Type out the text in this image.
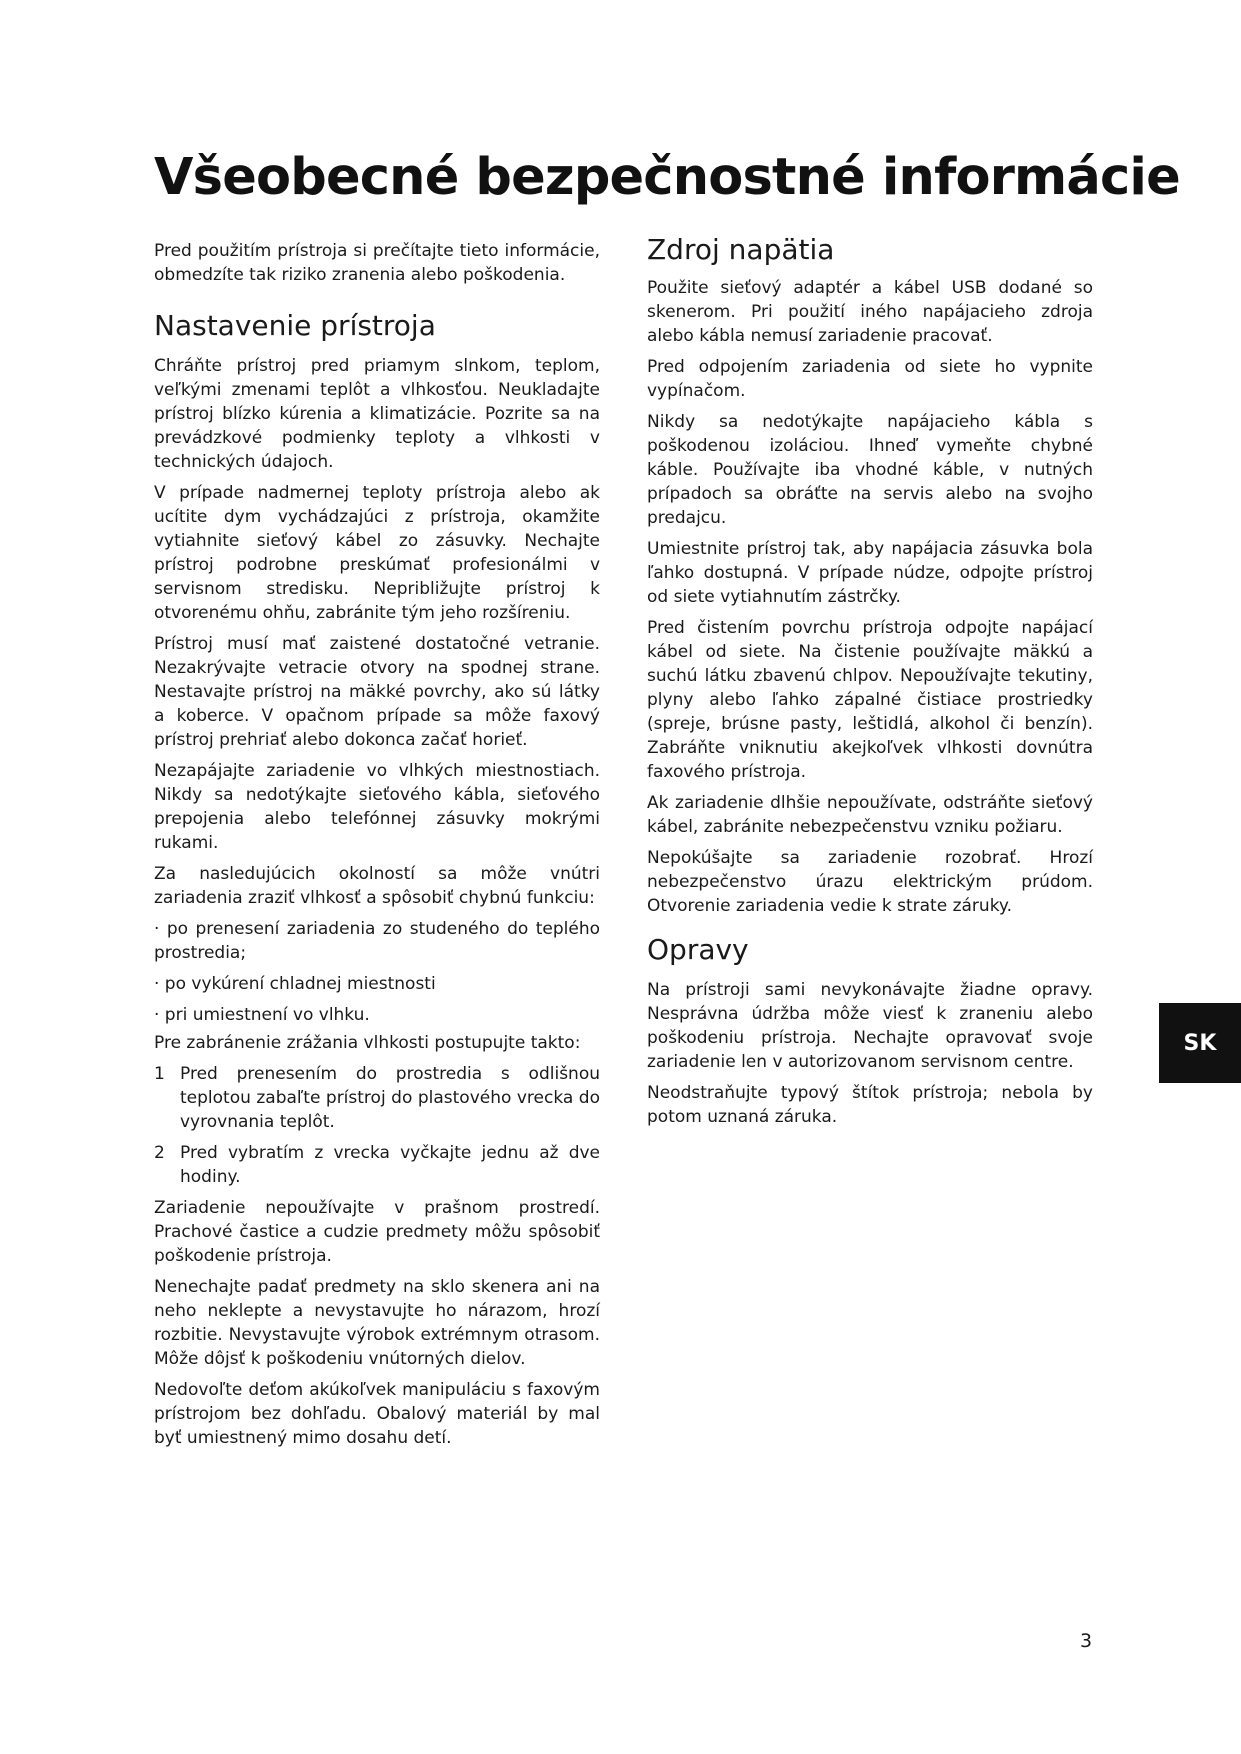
Všeobecné bezpečnostné informácie

Pred použitím prístroja si prečítajte tieto informácie, obmedzíte tak riziko zranenia alebo poškodenia.

Nastavenie prístroja

Chráňte prístroj pred priamym slnkom, teplom, veľkými zmenami teplôt a vlhkosťou. Neukladajte prístroj blízko kúrenia a klimatizácie. Pozrite sa na prevádzkové podmienky teploty a vlhkosti v technických údajoch.

V prípade nadmernej teploty prístroja alebo ak ucítite dym vychádzajúci z prístroja, okamžite vytiahnite sieťový kábel zo zásuvky. Nechajte prístroj podrobne preskúmať profesionálmi v servisnom stredisku. Nepribližujte prístroj k otvorenému ohňu, zabránite tým jeho rozšíreniu.

Prístroj musí mať zaistené dostatočné vetranie. Nezakrývajte vetracie otvory na spodnej strane. Nestavajte prístroj na mäkké povrchy, ako sú látky a koberce. V opačnom prípade sa môže faxový prístroj prehriať alebo dokonca začať horieť.

Nezapájajte zariadenie vo vlhkých miestnostiach. Nikdy sa nedotýkajte sieťového kábla, sieťového prepojenia alebo telefónnej zásuvky mokrými rukami.

Za nasledujúcich okolností sa môže vnútri zariadenia zraziť vlhkosť a spôsobiť chybnú funkciu:

· po prenesení zariadenia zo studeného do teplého prostredia;
· po vykúrení chladnej miestnosti
· pri umiestnení vo vlhku.

Pre zabránenie zrážania vlhkosti postupujte takto:

1 Pred prenesením do prostredia s odlišnou teplotou zabaľte prístroj do plastového vrecka do vyrovnania teplôt.
2 Pred vybratím z vrecka vyčkajte jednu až dve hodiny.

Zariadenie nepoužívajte v prašnom prostredí. Prachové častice a cudzie predmety môžu spôsobiť poškodenie prístroja.

Nenechajte padať predmety na sklo skenera ani na neho neklepte a nevystavujte ho nárazom, hrozí rozbitie. Nevystavujte výrobok extrémnym otrasom. Môže dôjsť k poškodeniu vnútorných dielov.

Nedovoľte deťom akúkoľvek manipuláciu s faxovým prístrojom bez dohľadu. Obalový materiál by mal byť umiestnený mimo dosahu detí.

Zdroj napätia

Použite sieťový adaptér a kábel USB dodané so skenerom. Pri použití iného napájacieho zdroja alebo kábla nemusí zariadenie pracovať.

Pred odpojením zariadenia od siete ho vypnite vypínačom.

Nikdy sa nedotýkajte napájacieho kábla s poškodenou izoláciou. Ihneď vymeňte chybné káble. Používajte iba vhodné káble, v nutných prípadoch sa obráťte na servis alebo na svojho predajcu.

Umiestnite prístroj tak, aby napájacia zásuvka bola ľahko dostupná. V prípade núdze, odpojte prístroj od siete vytiahnutím zástrčky.

Pred čistením povrchu prístroja odpojte napájací kábel od siete. Na čistenie používajte mäkkú a suchú látku zbavenú chlpov. Nepoužívajte tekutiny, plyny alebo ľahko zápalné čistiace prostriedky (spreje, brúsne pasty, leštidlá, alkohol či benzín). Zabráňte vniknutiu akejkoľvek vlhkosti dovnútra faxového prístroja.

Ak zariadenie dlhšie nepoužívate, odstráňte sieťový kábel, zabránite nebezpečenstvu vzniku požiaru.

Nepokúšajte sa zariadenie rozobrať. Hrozí nebezpečenstvo úrazu elektrickým prúdom. Otvorenie zariadenia vedie k strate záruky.

Opravy

Na prístroji sami nevykonávajte žiadne opravy. Nesprávna údržba môže viesť k zraneniu alebo poškodeniu prístroja. Nechajte opravovať svoje zariadenie len v autorizovanom servisnom centre.

Neodstraňujte typový štítok prístroja; nebola by potom uznaná záruka.

SK
3
